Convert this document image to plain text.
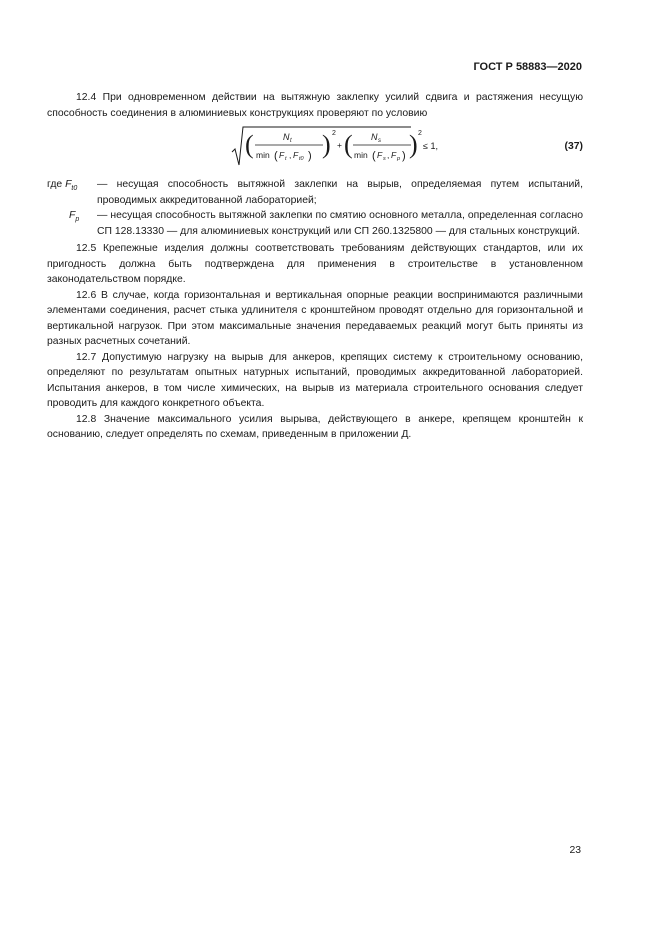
ГОСТ Р 58883—2020

12.4 При одновременном действии на вытяжную заклепку усилий сдвига и растяжения несущую способность соединения в алюминиевых конструкциях проверяют по условию

(	N t
min ( F t , F t0 ) ) 2
+ ( N s
min ( F s , F p ) ) 2
≤ 1,	(37)
где $F_{t0}$	— несущая способность вытяжной заклепки на вырыв, определяемая путем испытаний, проводимых аккредитованной лабораторией;
$F_p$	— несущая способность вытяжной заклепки по смятию основного металла, определенная согласно СП 128.13330 — для алюминиевых конструкций или СП 260.1325800 — для стальных конструкций.

12.5 Крепежные изделия должны соответствовать требованиям действующих стандартов, или их пригодность должна быть подтверждена для применения в строительстве в установленном законодательством порядке.

12.6 В случае, когда горизонтальная и вертикальная опорные реакции воспринимаются различными элементами соединения, расчет стыка удлинителя с кронштейном проводят отдельно для горизонтальной и вертикальной нагрузок. При этом максимальные значения передаваемых реакций могут быть приняты из разных расчетных сочетаний.

12.7 Допустимую нагрузку на вырыв для анкеров, крепящих систему к строительному основанию, определяют по результатам опытных натурных испытаний, проводимых аккредитованной лабораторией. Испытания анкеров, в том числе химических, на вырыв из материала строительного основания следует проводить для каждого конкретного объекта.

12.8 Значение максимального усилия вырыва, действующего в анкере, крепящем кронштейн к основанию, следует определять по схемам, приведенным в приложении Д.

23
